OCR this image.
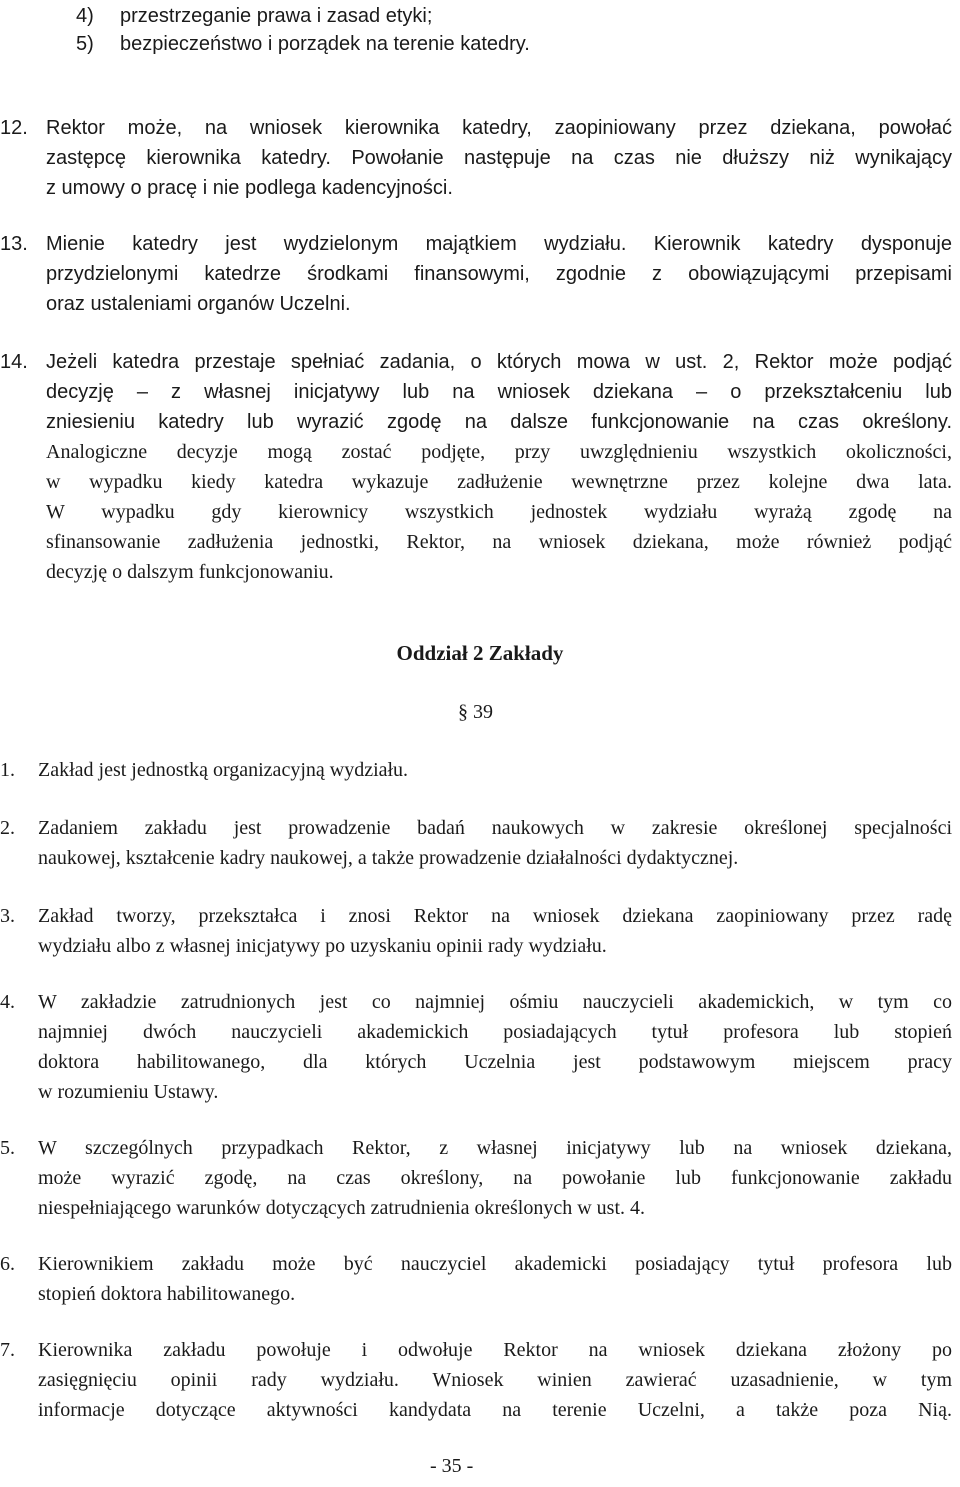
4) przestrzeganie prawa i zasad etyki;
5) bezpieczeństwo i porządek na terenie katedry.
12. Rektor może, na wniosek kierownika katedry, zaopiniowany przez dziekana, powołać
zastępcę kierownika katedry. Powołanie następuje na czas nie dłuższy niż wynikający
z umowy o pracę i nie podlega kadencyjności.
13. Mienie katedry jest wydzielonym majątkiem wydziału. Kierownik katedry dysponuje
przydzielonymi katedrze środkami finansowymi, zgodnie z obowiązującymi przepisami
oraz ustaleniami organów Uczelni.
14. Jeżeli katedra przestaje spełniać zadania, o których mowa w ust. 2, Rektor może podjąć
decyzję – z własnej inicjatywy lub na wniosek dziekana – o przekształceniu lub
zniesieniu katedry lub wyrazić zgodę na dalsze funkcjonowanie na czas określony.
Analogiczne decyzje mogą zostać podjęte, przy uwzględnieniu wszystkich okoliczności,
w wypadku kiedy katedra wykazuje zadłużenie wewnętrzne przez kolejne dwa lata.
W wypadku gdy kierownicy wszystkich jednostek wydziału wyrażą zgodę na
sfinansowanie zadłużenia jednostki, Rektor, na wniosek dziekana, może również podjąć
decyzję o dalszym funkcjonowaniu.
Oddział 2 Zakłady
§ 39
1. Zakład jest jednostką organizacyjną wydziału.
2. Zadaniem zakładu jest prowadzenie badań naukowych w zakresie określonej specjalności
naukowej, kształcenie kadry naukowej, a także prowadzenie działalności dydaktycznej.
3. Zakład tworzy, przekształca i znosi Rektor na wniosek dziekana zaopiniowany przez radę
wydziału albo z własnej inicjatywy po uzyskaniu opinii rady wydziału.
4. W zakładzie zatrudnionych jest co najmniej ośmiu nauczycieli akademickich, w tym co
najmniej dwóch nauczycieli akademickich posiadających tytuł profesora lub stopień
doktora habilitowanego, dla których Uczelnia jest podstawowym miejscem pracy
w rozumieniu Ustawy.
5. W szczególnych przypadkach Rektor, z własnej inicjatywy lub na wniosek dziekana,
może wyrazić zgodę, na czas określony, na powołanie lub funkcjonowanie zakładu
niespełniającego warunków dotyczących zatrudnienia określonych w ust. 4.
6. Kierownikiem zakładu może być nauczyciel akademicki posiadający tytuł profesora lub
stopień doktora habilitowanego.
7. Kierownika zakładu powołuje i odwołuje Rektor na wniosek dziekana złożony po
zasięgnięciu opinii rady wydziału. Wniosek winien zawierać uzasadnienie, w tym
informacje dotyczące aktywności kandydata na terenie Uczelni, a także poza Nią.
- 35 -
